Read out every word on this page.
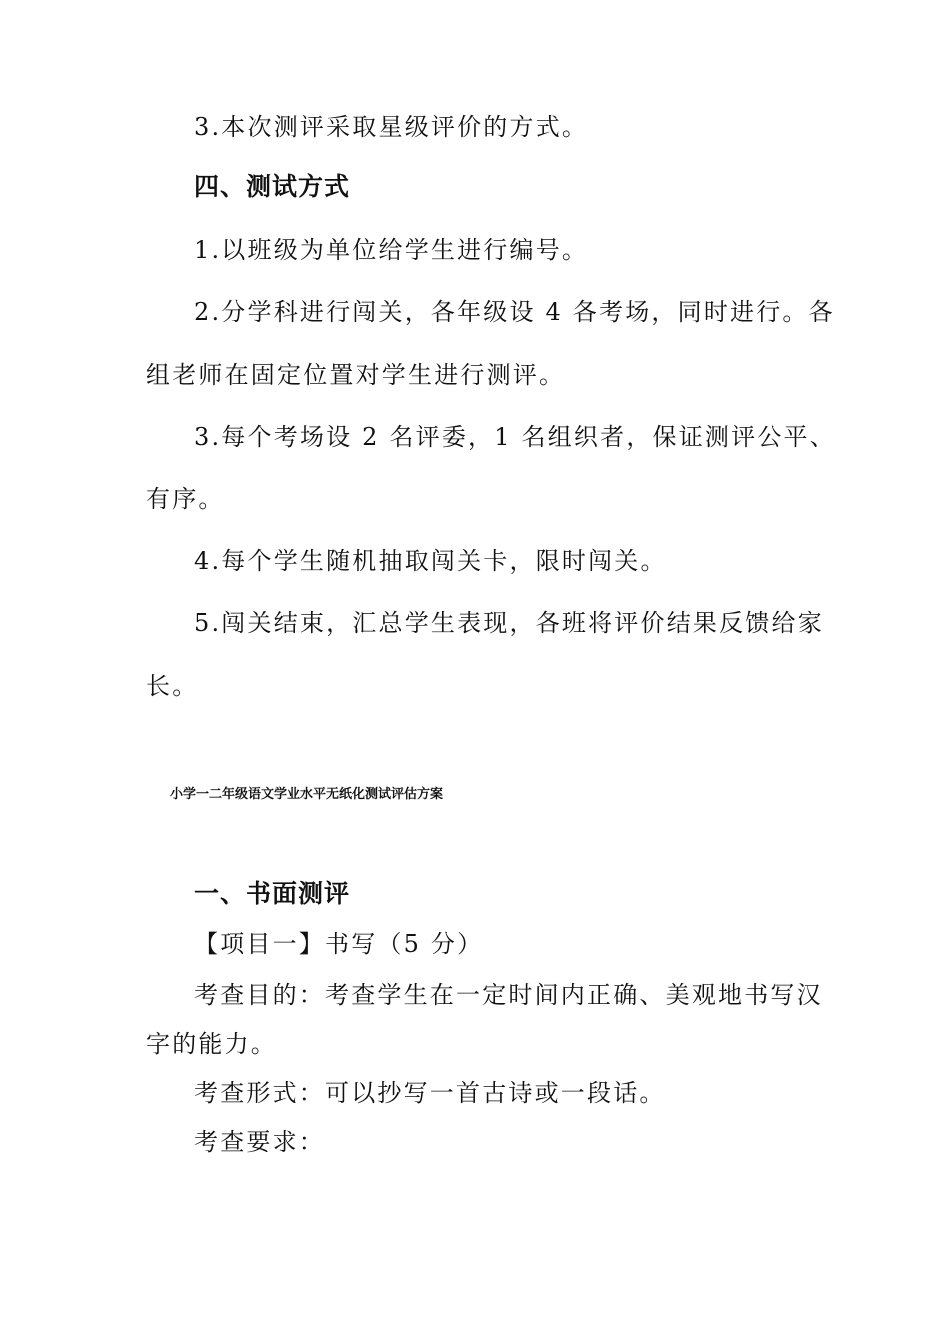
3.本次测评采取星级评价的方式。
四、测试方式
1.以班级为单位给学生进行编号。
2.分学科进行闯关，各年级设 4 各考场，同时进行。各
组老师在固定位置对学生进行测评。
3.每个考场设 2 名评委，1 名组织者，保证测评公平、
有序。
4.每个学生随机抽取闯关卡，限时闯关。
5.闯关结束，汇总学生表现，各班将评价结果反馈给家
长。
小学一二年级语文学业水平无纸化测试评估方案
一、书面测评
【项目一】书写（5 分）
考查目的：考查学生在一定时间内正确、美观地书写汉
字的能力。
考查形式：可以抄写一首古诗或一段话。
考查要求：
